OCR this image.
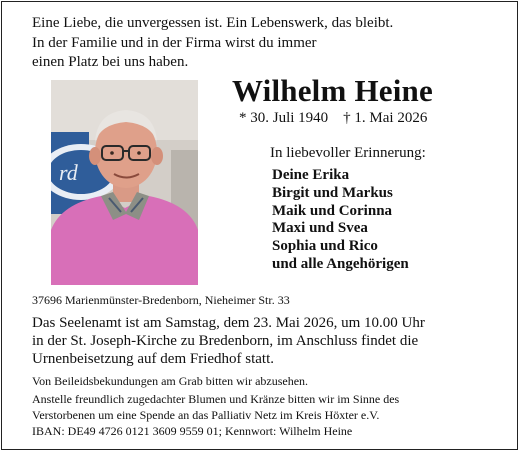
Eine Liebe, die unvergessen ist. Ein Lebenswerk, das bleibt.
In der Familie und in der Firma wirst du immer
einen Platz bei uns haben.
Wilhelm Heine
* 30. Juli 1940    † 1. Mai 2026
In liebevoller Erinnerung:
Deine Erika
Birgit und Markus
Maik und Corinna
Maxi und Svea
Sophia und Rico
und alle Angehörigen
rd
37696 Marienmünster-Bredenborn, Nieheimer Str. 33
Das Seelenamt ist am Samstag, dem 23. Mai 2026, um 10.00 Uhr
in der St. Joseph-Kirche zu Bredenborn, im Anschluss findet die
Urnenbeisetzung auf dem Friedhof statt.
Von Beileidsbekundungen am Grab bitten wir abzusehen.
Anstelle freundlich zugedachter Blumen und Kränze bitten wir im Sinne des
Verstorbenen um eine Spende an das Palliativ Netz im Kreis Höxter e.V.
IBAN: DE49 4726 0121 3609 9559 01; Kennwort: Wilhelm Heine
